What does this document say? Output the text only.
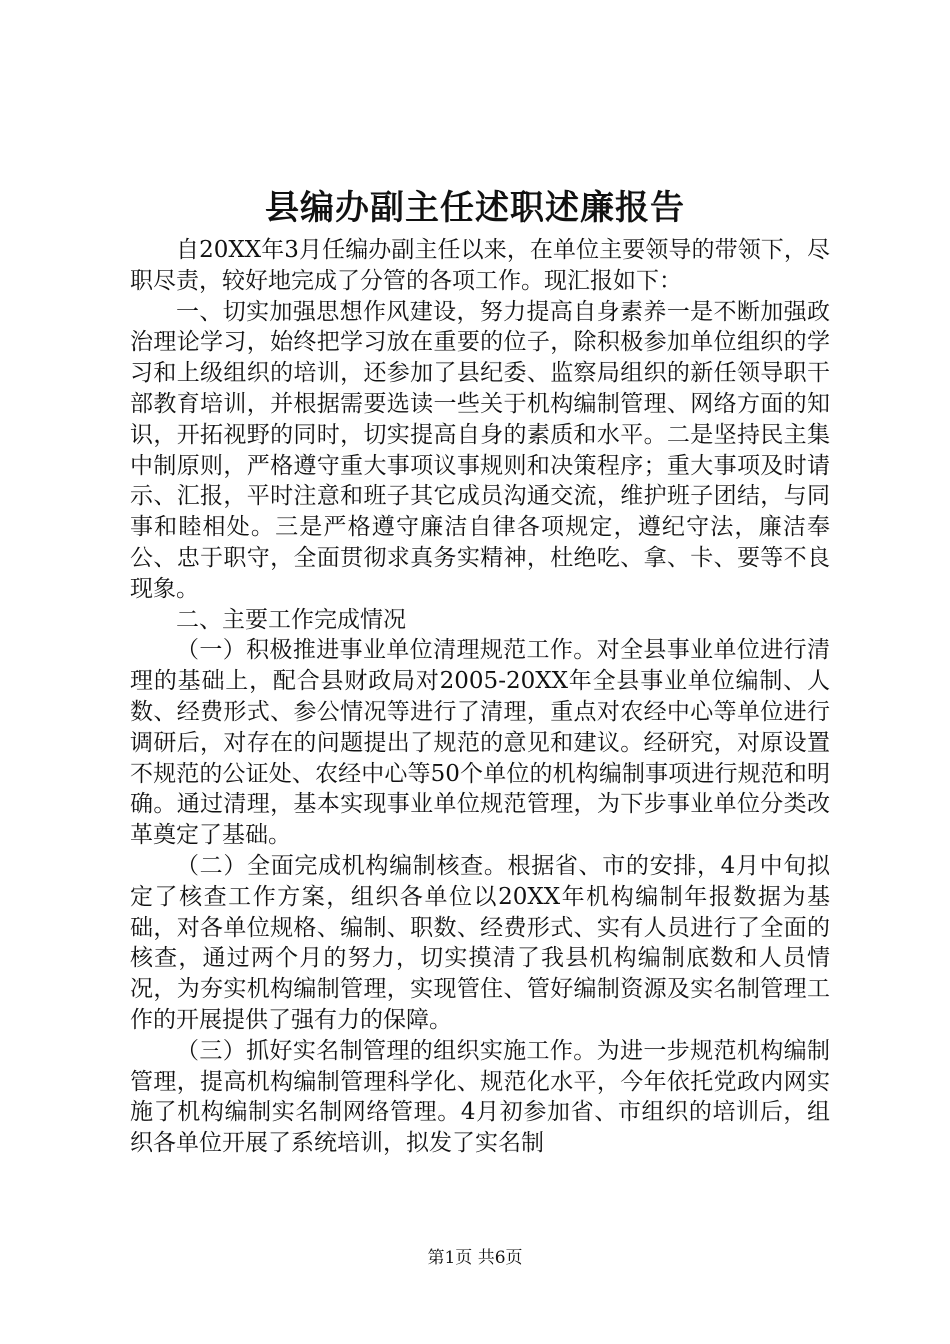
县编办副主任述职述廉报告

自20XX年3月任编办副主任以来，在单位主要领导的带领下，尽职尽责，较好地完成了分管的各项工作。现汇报如下：

一、切实加强思想作风建设，努力提高自身素养一是不断加强政治理论学习，始终把学习放在重要的位子，除积极参加单位组织的学习和上级组织的培训，还参加了县纪委、监察局组织的新任领导职干部教育培训，并根据需要选读一些关于机构编制管理、网络方面的知识，开拓视野的同时，切实提高自身的素质和水平。二是坚持民主集中制原则，严格遵守重大事项议事规则和决策程序；重大事项及时请示、汇报，平时注意和班子其它成员沟通交流，维护班子团结，与同事和睦相处。三是严格遵守廉洁自律各项规定，遵纪守法，廉洁奉公、忠于职守，全面贯彻求真务实精神，杜绝吃、拿、卡、要等不良现象。

二、主要工作完成情况

（一）积极推进事业单位清理规范工作。对全县事业单位进行清理的基础上，配合县财政局对2005-20XX年全县事业单位编制、人数、经费形式、参公情况等进行了清理，重点对农经中心等单位进行调研后，对存在的问题提出了规范的意见和建议。经研究，对原设置不规范的公证处、农经中心等50个单位的机构编制事项进行规范和明确。通过清理，基本实现事业单位规范管理，为下步事业单位分类改革奠定了基础。

（二）全面完成机构编制核查。根据省、市的安排，4月中旬拟定了核查工作方案，组织各单位以20XX年机构编制年报数据为基础，对各单位规格、编制、职数、经费形式、实有人员进行了全面的核查，通过两个月的努力，切实摸清了我县机构编制底数和人员情况，为夯实机构编制管理，实现管住、管好编制资源及实名制管理工作的开展提供了强有力的保障。

（三）抓好实名制管理的组织实施工作。为进一步规范机构编制管理，提高机构编制管理科学化、规范化水平，今年依托党政内网实施了机构编制实名制网络管理。4月初参加省、市组织的培训后，组织各单位开展了系统培训，拟发了实名制

第1页 共6页
